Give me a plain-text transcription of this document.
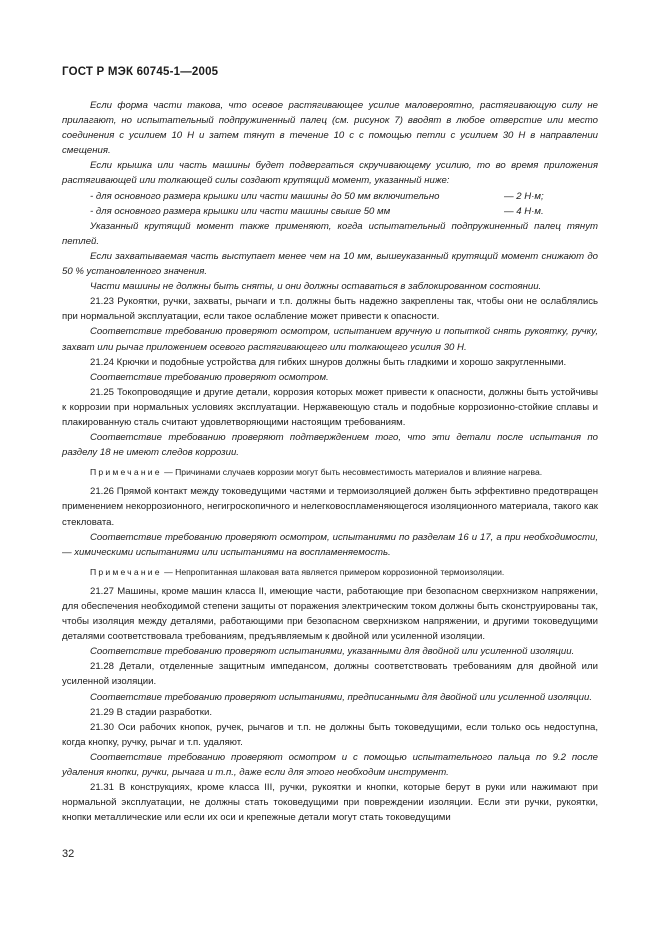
ГОСТ Р МЭК 60745-1—2005

Если форма части такова, что осевое растягивающее усилие маловероятно, растягивающую силу не прилагают, но испытательный подпружиненный палец (см. рисунок 7) вводят в любое отверстие или место соединения с усилием 10 Н и затем тянут в течение 10 с с помощью петли с усилием 30 Н в направлении смещения.

Если крышка или часть машины будет подвергаться скручивающему усилию, то во время приложения растягивающей или толкающей силы создают крутящий момент, указанный ниже:

- для основного размера крышки или части машины до 50 мм включительно	— 2 Н·м;
- для основного размера крышки или части машины свыше 50 мм	— 4 Н·м.

Указанный крутящий момент также применяют, когда испытательный подпружиненный палец тянут петлей.

Если захватываемая часть выступает менее чем на 10 мм, вышеуказанный крутящий момент снижают до 50 % установленного значения.

Части машины не должны быть сняты, и они должны оставаться в заблокированном состоянии.

21.23 Рукоятки, ручки, захваты, рычаги и т.п. должны быть надежно закреплены так, чтобы они не ослаблялись при нормальной эксплуатации, если такое ослабление может привести к опасности.

Соответствие требованию проверяют осмотром, испытанием вручную и попыткой снять рукоятку, ручку, захват или рычаг приложением осевого растягивающего или толкающего усилия 30 Н.

21.24 Крючки и подобные устройства для гибких шнуров должны быть гладкими и хорошо закругленными.

Соответствие требованию проверяют осмотром.

21.25 Токопроводящие и другие детали, коррозия которых может привести к опасности, должны быть устойчивы к коррозии при нормальных условиях эксплуатации. Нержавеющую сталь и подобные коррозионно-стойкие сплавы и плакированную сталь считают удовлетворяющими настоящим требованиям.

Соответствие требованию проверяют подтверждением того, что эти детали после испытания по разделу 18 не имеют следов коррозии.

Примечание — Причинами случаев коррозии могут быть несовместимость материалов и влияние нагрева.

21.26 Прямой контакт между токоведущими частями и термоизоляцией должен быть эффективно предотвращен применением некоррозионного, негигроскопичного и нелегковоспламеняющегося изоляционного материала, такого как стекловата.

Соответствие требованию проверяют осмотром, испытаниями по разделам 16 и 17, а при необходимости, — химическими испытаниями или испытаниями на воспламеняемость.

Примечание — Непропитанная шлаковая вата является примером коррозионной термоизоляции.

21.27 Машины, кроме машин класса II, имеющие части, работающие при безопасном сверхнизком напряжении, для обеспечения необходимой степени защиты от поражения электрическим током должны быть сконструированы так, чтобы изоляция между деталями, работающими при безопасном сверхнизком напряжении, и другими токоведущими деталями соответствовала требованиям, предъявляемым к двойной или усиленной изоляции.

Соответствие требованию проверяют испытаниями, указанными для двойной или усиленной изоляции.

21.28 Детали, отделенные защитным импедансом, должны соответствовать требованиям для двойной или усиленной изоляции.

Соответствие требованию проверяют испытаниями, предписанными для двойной или усиленной изоляции.

21.29 В стадии разработки.

21.30 Оси рабочих кнопок, ручек, рычагов и т.п. не должны быть токоведущими, если только ось недоступна, когда кнопку, ручку, рычаг и т.п. удаляют.

Соответствие требованию проверяют осмотром и с помощью испытательного пальца по 9.2 после удаления кнопки, ручки, рычага и т.п., даже если для этого необходим инструмент.

21.31 В конструкциях, кроме класса III, ручки, рукоятки и кнопки, которые берут в руки или нажимают при нормальной эксплуатации, не должны стать токоведущими при повреждении изоляции. Если эти ручки, рукоятки, кнопки металлические или если их оси и крепежные детали могут стать токоведущими

32
